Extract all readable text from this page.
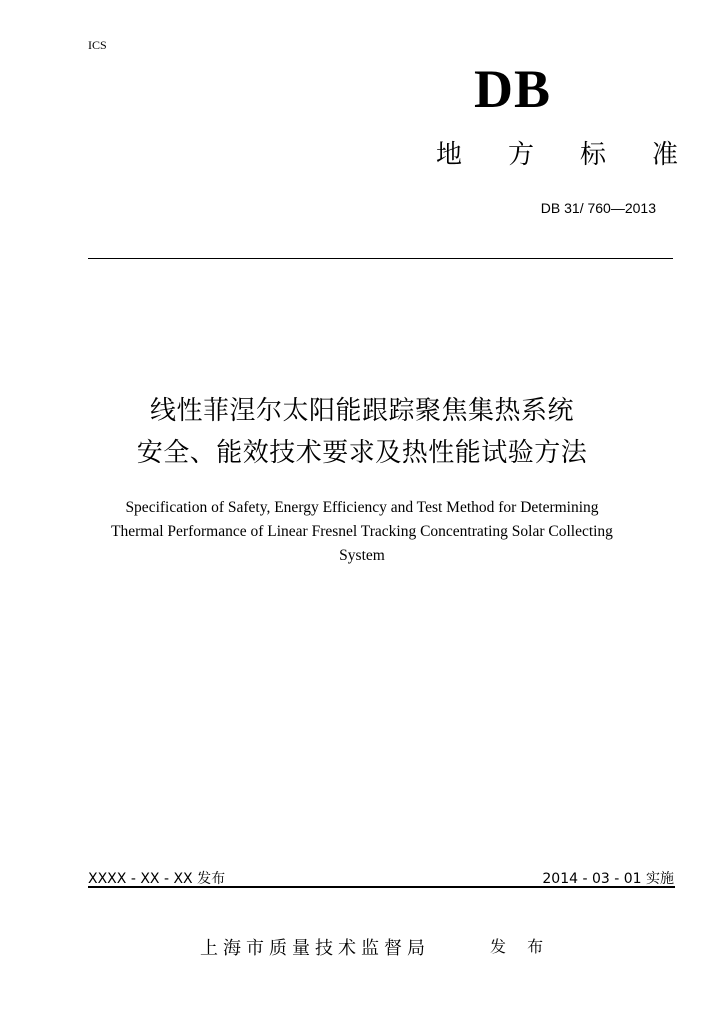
ICS
DB
地 方 标 准
DB 31/ 760—2013
线性菲涅尔太阳能跟踪聚焦集热系统
安全、能效技术要求及热性能试验方法
Specification of Safety, Energy Efficiency and Test Method for Determining
Thermal Performance of Linear Fresnel Tracking Concentrating Solar Collecting
System
XXXX - XX - XX 发布	2014 - 03 - 01 实施
上海市质量技术监督局	发 布
